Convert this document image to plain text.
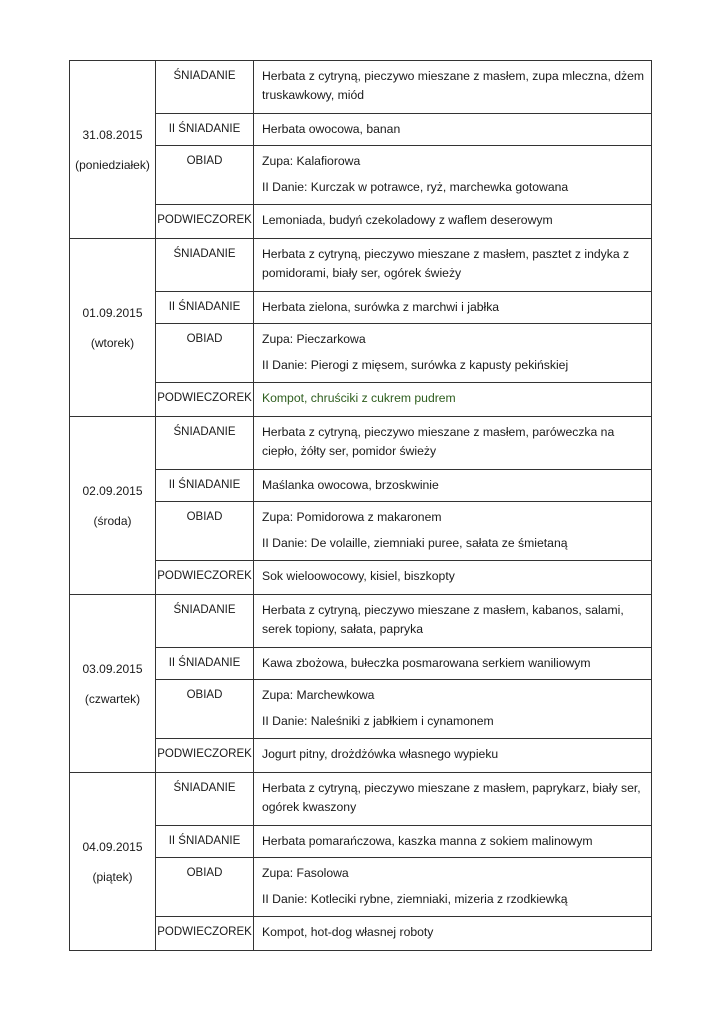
31.08.2015
(poniedziałek)	ŚNIADANIE	Herbata z cytryną, pieczywo mieszane z masłem, zupa mleczna, dżem truskawkowy, miód

	II ŚNIADANIE	Herbata owocowa, banan

	OBIAD	Zupa: Kalafiorowa
II Danie: Kurczak w potrawce, ryż, marchewka gotowana

	PODWIECZOREK	Lemoniada, budyń czekoladowy z waflem deserowym

01.09.2015
(wtorek)	ŚNIADANIE	Herbata z cytryną, pieczywo mieszane z masłem, pasztet z indyka z pomidorami, biały ser, ogórek świeży

	II ŚNIADANIE	Herbata zielona, surówka z marchwi i jabłka

	OBIAD	Zupa: Pieczarkowa
II Danie: Pierogi z mięsem, surówka z kapusty pekińskiej

	PODWIECZOREK	Kompot, chruściki z cukrem pudrem

02.09.2015
(środa)	ŚNIADANIE	Herbata z cytryną, pieczywo mieszane z masłem, paróweczka na ciepło, żółty ser, pomidor świeży

	II ŚNIADANIE	Maślanka owocowa, brzoskwinie

	OBIAD	Zupa: Pomidorowa z makaronem
II Danie: De volaille, ziemniaki puree, sałata ze śmietaną

	PODWIECZOREK	Sok wieloowocowy, kisiel, biszkopty

03.09.2015
(czwartek)	ŚNIADANIE	Herbata z cytryną, pieczywo mieszane z masłem, kabanos, salami, serek topiony, sałata, papryka

	II ŚNIADANIE	Kawa zbożowa, bułeczka posmarowana serkiem waniliowym

	OBIAD	Zupa: Marchewkowa
II Danie: Naleśniki z jabłkiem i cynamonem

	PODWIECZOREK	Jogurt pitny, drożdżówka własnego wypieku

04.09.2015
(piątek)	ŚNIADANIE	Herbata z cytryną, pieczywo mieszane z masłem, paprykarz, biały ser, ogórek kwaszony

	II ŚNIADANIE	Herbata pomarańczowa, kaszka manna z sokiem malinowym

	OBIAD	Zupa: Fasolowa
II Danie: Kotleciki rybne, ziemniaki, mizeria z rzodkiewką

	PODWIECZOREK	Kompot, hot-dog własnej roboty
